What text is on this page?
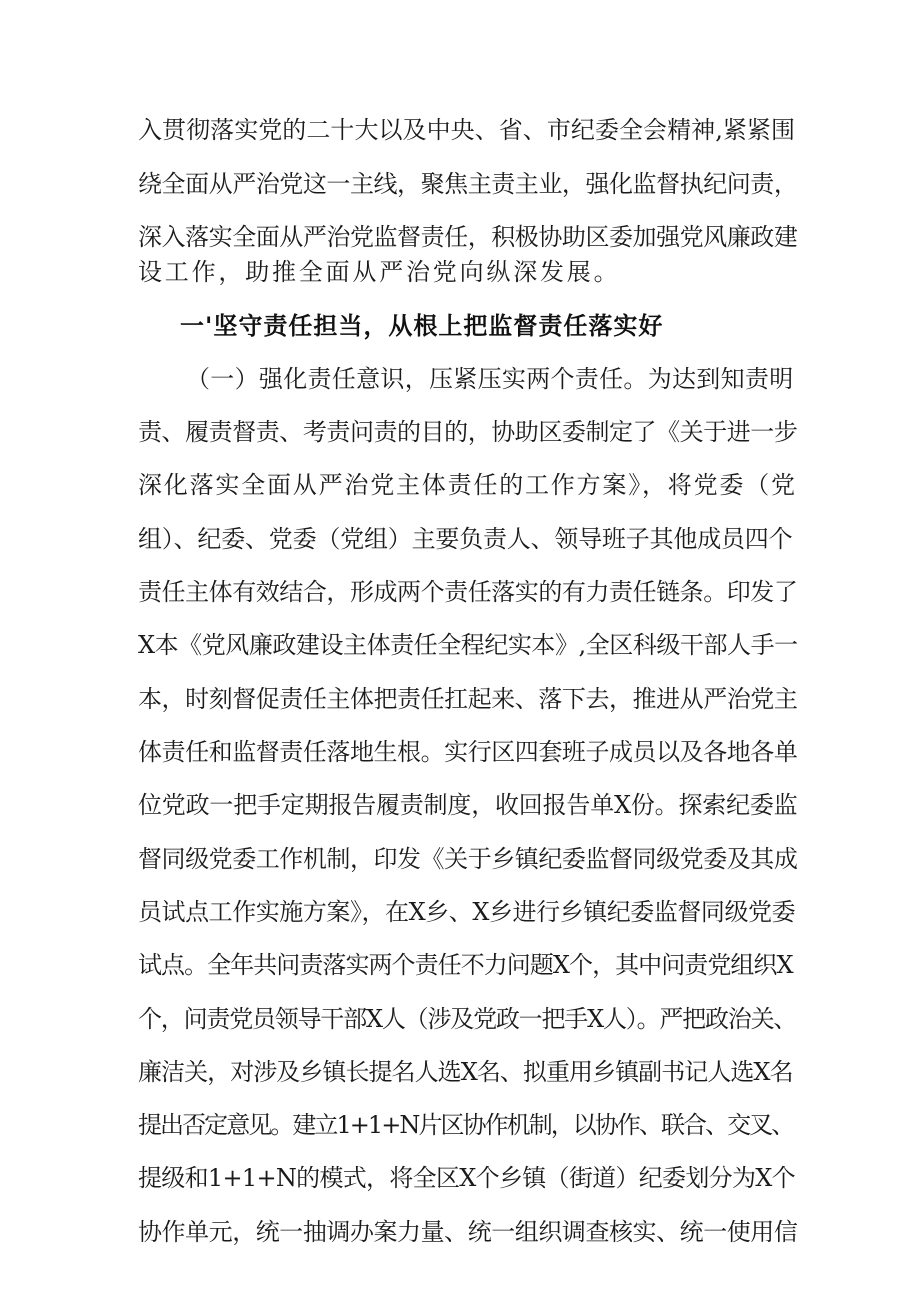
入贯彻落实党的二十大以及中央、省、市纪委全会精神,紧紧围
绕全面从严治党这一主线，聚焦主责主业，强化监督执纪问责，
深入落实全面从严治党监督责任，积极协助区委加强党风廉政建
设工作，助推全面从严治党向纵深发展。
一'坚守责任担当，从根上把监督责任落实好
（一）强化责任意识，压紧压实两个责任。为达到知责明
责、履责督责、考责问责的目的，协助区委制定了《关于进一步
深化落实全面从严治党主体责任的工作方案》，将党委（党
组）、纪委、党委（党组）主要负责人、领导班子其他成员四个
责任主体有效结合，形成两个责任落实的有力责任链条。印发了
X本《党风廉政建设主体责任全程纪实本》,全区科级干部人手一
本，时刻督促责任主体把责任扛起来、落下去，推进从严治党主
体责任和监督责任落地生根。实行区四套班子成员以及各地各单
位党政一把手定期报告履责制度，收回报告单X份。探索纪委监
督同级党委工作机制，印发《关于乡镇纪委监督同级党委及其成
员试点工作实施方案》，在X乡、X乡进行乡镇纪委监督同级党委
试点。全年共问责落实两个责任不力问题X个，其中问责党组织X
个，问责党员领导干部X人（涉及党政一把手X人）。严把政治关、
廉洁关，对涉及乡镇长提名人选X名、拟重用乡镇副书记人选X名
提出否定意见。建立1+1+N片区协作机制，以协作、联合、交叉、
提级和1+1+N的模式，将全区X个乡镇（街道）纪委划分为X个
协作单元，统一抽调办案力量、统一组织调查核实、统一使用信
